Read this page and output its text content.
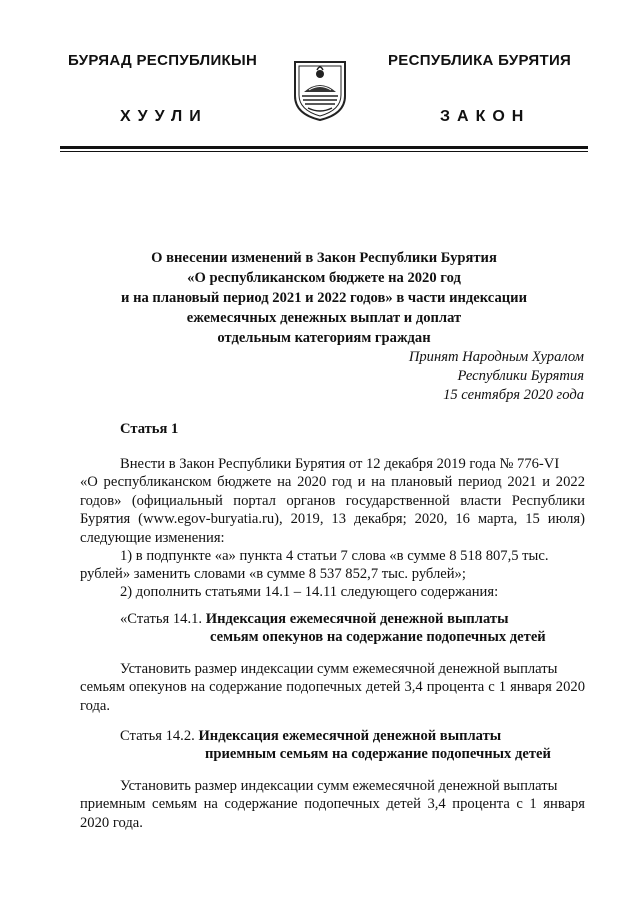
БУРЯАД РЕСПУБЛИКЫН	РЕСПУБЛИКА БУРЯТИЯ
ХУУЛИ	ЗАКОН
О внесении изменений в Закон Республики Бурятия
«О республиканском бюджете на 2020 год
и на плановый период 2021 и 2022 годов» в части индексации
ежемесячных денежных выплат и доплат
отдельным категориям граждан
Принят Народным Хуралом
Республики Бурятия
15 сентября 2020 года
Статья 1
Внести в Закон Республики Бурятия от 12 декабря 2019 года № 776-VI
«О республиканском бюджете на 2020 год и на плановый период 2021 и 2022 годов» (официальный портал органов государственной власти Республики Бурятия (www.egov-buryatia.ru), 2019, 13 декабря; 2020, 16 марта, 15 июля) следующие изменения:
1) в подпункте «а» пункта 4 статьи 7 слова «в сумме 8 518 807,5 тыс.
рублей» заменить словами «в сумме 8 537 852,7 тыс. рублей»;
2) дополнить статьями 14.1 – 14.11 следующего содержания:
«Статья 14.1. Индексация ежемесячной денежной выплаты
семьям опекунов на содержание подопечных детей
Установить размер индексации сумм ежемесячной денежной выплаты
семьям опекунов на содержание подопечных детей 3,4 процента с 1 января 2020 года.
Статья 14.2. Индексация ежемесячной денежной выплаты
приемным семьям на содержание подопечных детей
Установить размер индексации сумм ежемесячной денежной выплаты
приемным семьям на содержание подопечных детей 3,4 процента с 1 января 2020 года.
